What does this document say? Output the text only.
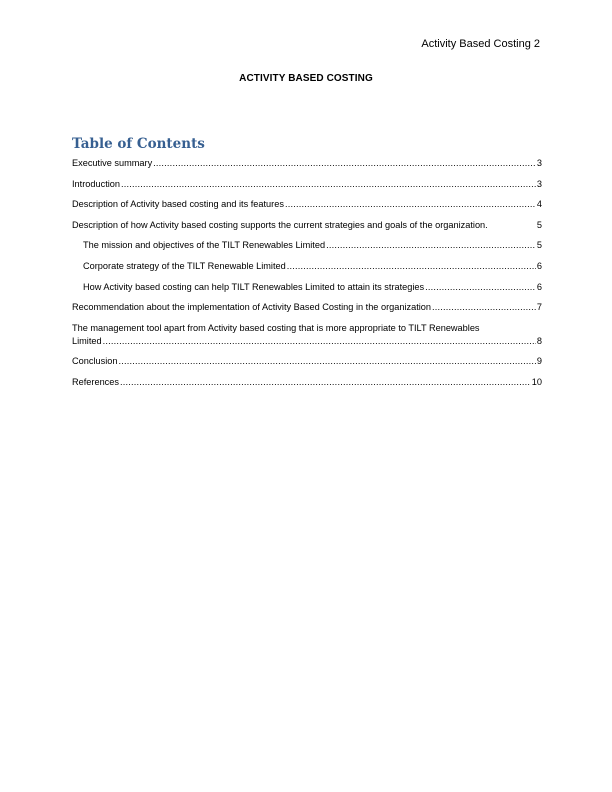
Activity Based Costing 2
ACTIVITY BASED COSTING
Table of Contents
Executive summary .....	3
Introduction .....	3
Description of Activity based costing and its features .....	4
Description of how Activity based costing supports the current strategies and goals of the organization.	5
The mission and objectives of the TILT Renewables Limited .....	5
Corporate strategy of the TILT Renewable Limited .....	6
How Activity based costing can help TILT Renewables Limited to attain its strategies .....	6
Recommendation about the implementation of Activity Based Costing in the organization .....	7
The management tool apart from Activity based costing that is more appropriate to TILT Renewables
Limited .....	8
Conclusion .....	9
References .....	10
